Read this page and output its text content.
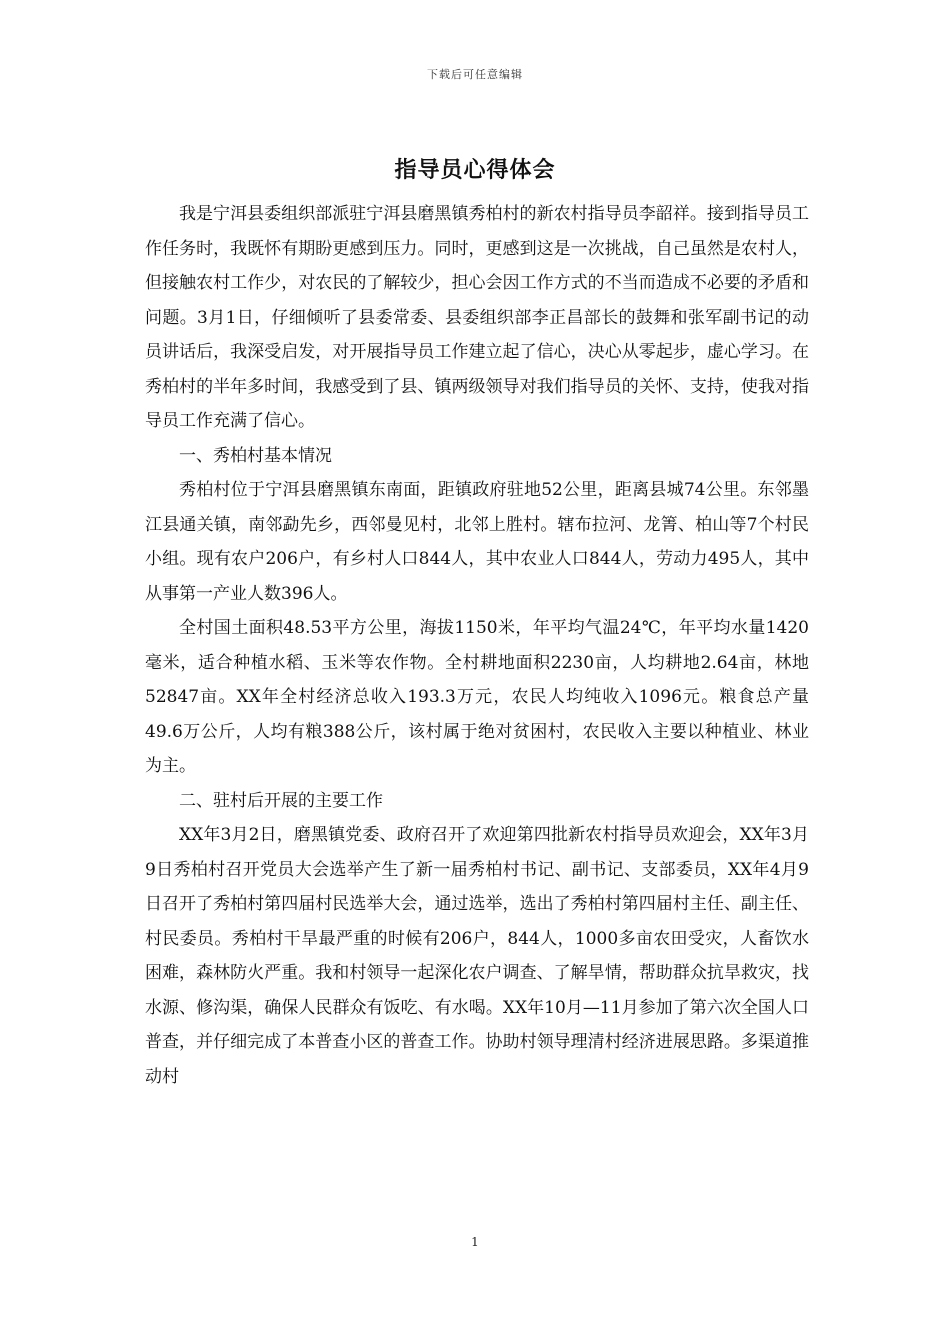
下载后可任意编辑
指导员心得体会

我是宁洱县委组织部派驻宁洱县磨黑镇秀柏村的新农村指导员李韶祥。接到指导员工作任务时，我既怀有期盼更感到压力。同时，更感到这是一次挑战，自己虽然是农村人，但接触农村工作少，对农民的了解较少，担心会因工作方式的不当而造成不必要的矛盾和问题。3月1日，仔细倾听了县委常委、县委组织部李正昌部长的鼓舞和张军副书记的动员讲话后，我深受启发，对开展指导员工作建立起了信心，决心从零起步，虚心学习。在秀柏村的半年多时间，我感受到了县、镇两级领导对我们指导员的关怀、支持，使我对指导员工作充满了信心。

一、秀柏村基本情况

秀柏村位于宁洱县磨黑镇东南面，距镇政府驻地52公里，距离县城74公里。东邻墨江县通关镇，南邻勐先乡，西邻曼见村，北邻上胜村。辖布拉河、龙箐、柏山等7个村民小组。现有农户206户，有乡村人口844人，其中农业人口844人，劳动力495人，其中从事第一产业人数396人。

全村国土面积48.53平方公里，海拔1150米，年平均气温24℃，年平均水量1420毫米，适合种植水稻、玉米等农作物。全村耕地面积2230亩，人均耕地2.64亩，林地52847亩。XX年全村经济总收入193.3万元，农民人均纯收入1096元。粮食总产量49.6万公斤，人均有粮388公斤，该村属于绝对贫困村，农民收入主要以种植业、林业为主。

二、驻村后开展的主要工作

XX年3月2日，磨黑镇党委、政府召开了欢迎第四批新农村指导员欢迎会，XX年3月9日秀柏村召开党员大会选举产生了新一届秀柏村书记、副书记、支部委员，XX年4月9日召开了秀柏村第四届村民选举大会，通过选举，选出了秀柏村第四届村主任、副主任、村民委员。秀柏村干旱最严重的时候有206户，844人，1000多亩农田受灾，人畜饮水困难，森林防火严重。我和村领导一起深化农户调查、了解旱情，帮助群众抗旱救灾，找水源、修沟渠，确保人民群众有饭吃、有水喝。XX年10月—11月参加了第六次全国人口普查，并仔细完成了本普查小区的普查工作。协助村领导理清村经济进展思路。多渠道推动村

1
